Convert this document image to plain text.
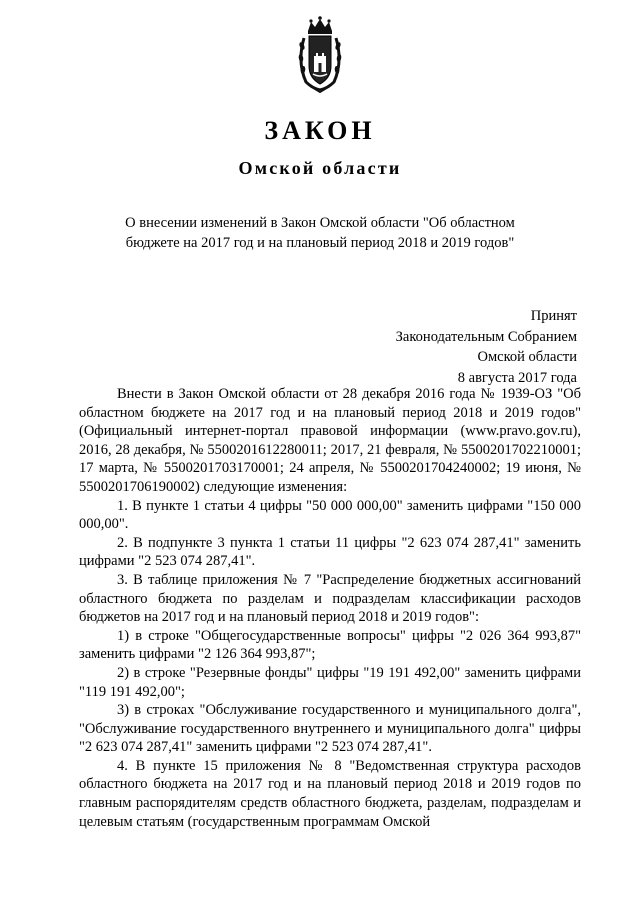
ЗАКОН
Омской области
О внесении изменений в Закон Омской области "Об областном бюджете на 2017 год и на плановый период 2018 и 2019 годов"
Принят
Законодательным Собранием
Омской области
8 августа 2017 года

Внести в Закон Омской области от 28 декабря 2016 года № 1939-ОЗ "Об областном бюджете на 2017 год и на плановый период 2018 и 2019 годов" (Официальный интернет-портал правовой информации (www.pravo.gov.ru), 2016, 28 декабря, № 5500201612280011; 2017, 21 февраля, № 5500201702210001; 17 марта, № 5500201703170001; 24 апреля, № 5500201704240002; 19 июня, № 5500201706190002) следующие изменения:

1. В пункте 1 статьи 4 цифры "50 000 000,00" заменить цифрами "150 000 000,00".

2. В подпункте 3 пункта 1 статьи 11 цифры "2 623 074 287,41" заменить цифрами "2 523 074 287,41".

3. В таблице приложения № 7 "Распределение бюджетных ассигнований областного бюджета по разделам и подразделам классификации расходов бюджетов на 2017 год и на плановый период 2018 и 2019 годов":

1) в строке "Общегосударственные вопросы" цифры "2 026 364 993,87" заменить цифрами "2 126 364 993,87";

2) в строке "Резервные фонды" цифры "19 191 492,00" заменить цифрами "119 191 492,00";

3) в строках "Обслуживание государственного и муниципального долга", "Обслуживание государственного внутреннего и муниципального долга" цифры "2 623 074 287,41" заменить цифрами "2 523 074 287,41".

4. В пункте 15 приложения № 8 "Ведомственная структура расходов областного бюджета на 2017 год и на плановый период 2018 и 2019 годов по главным распорядителям средств областного бюджета, разделам, подразделам и целевым статьям (государственным программам Омской
